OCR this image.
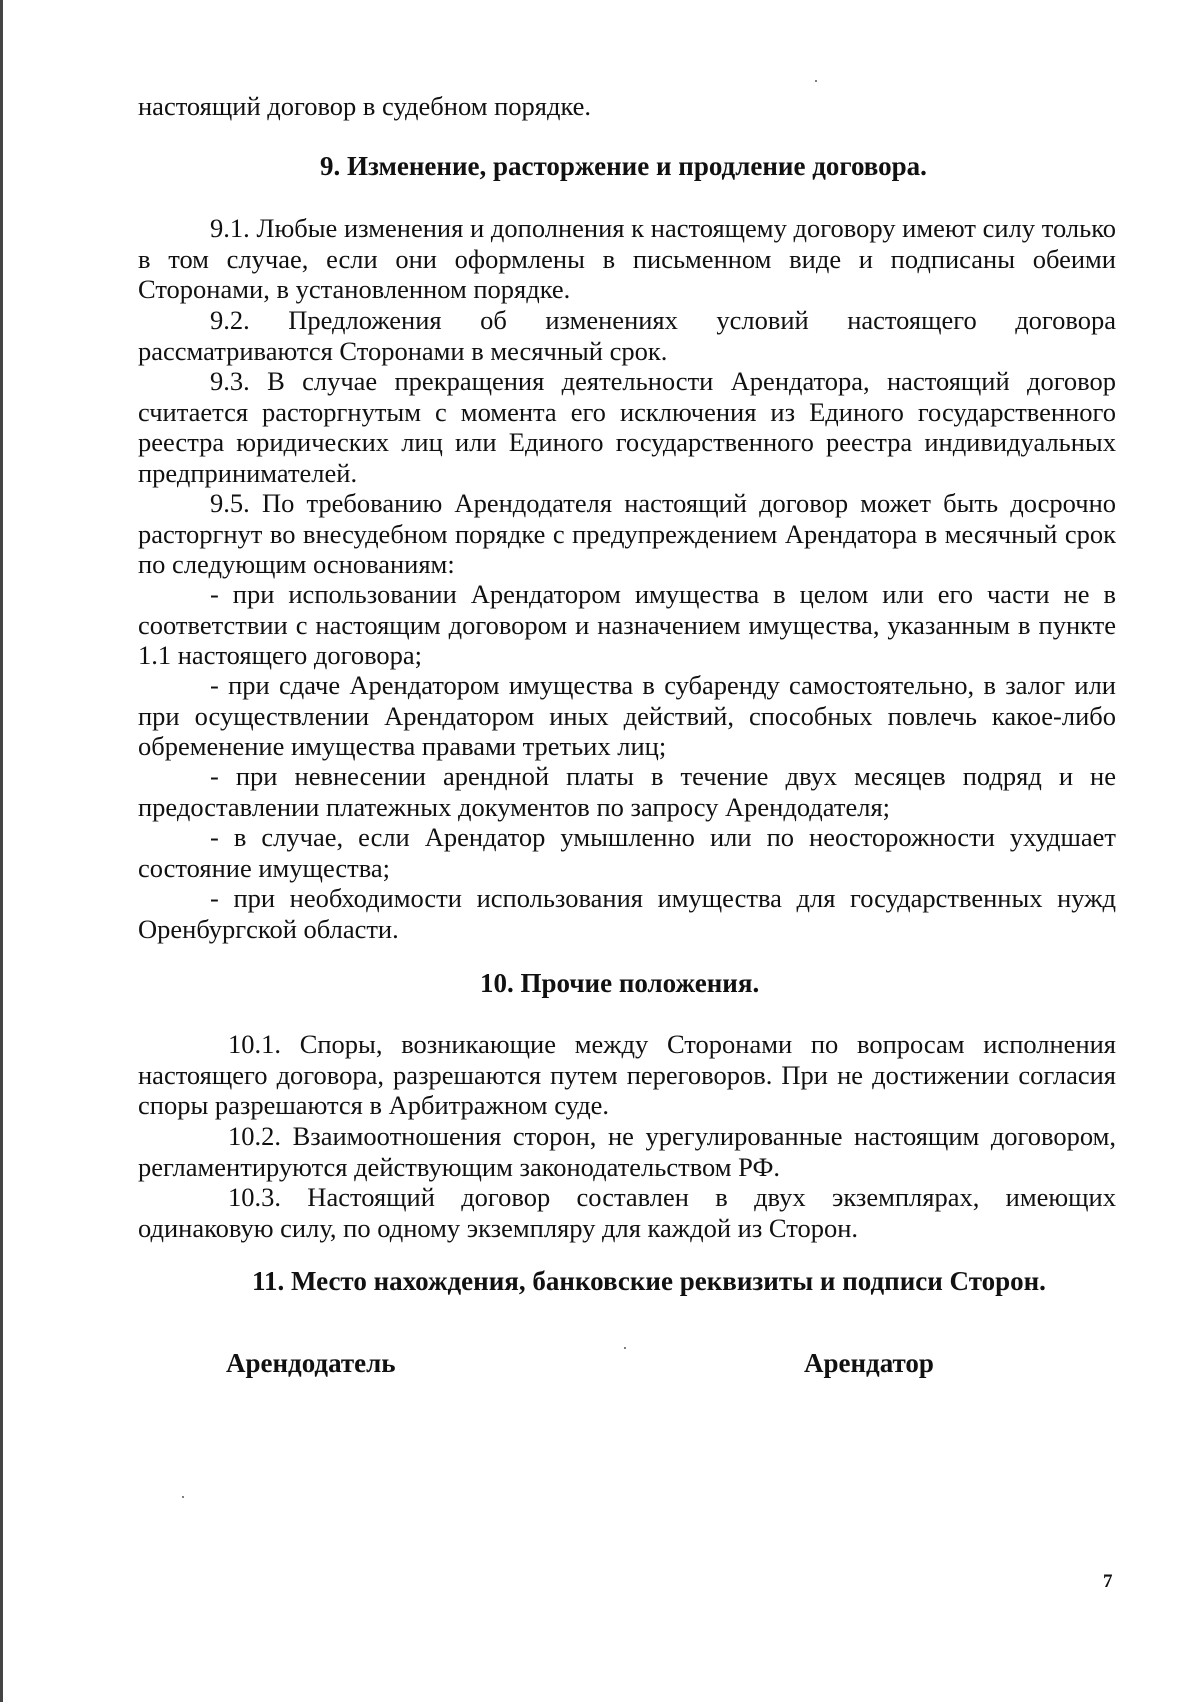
настоящий договор в судебном порядке.
9. Изменение, расторжение и продление договора.
9.1. Любые изменения и дополнения к настоящему договору имеют силу только в том случае, если они оформлены в письменном виде и подписаны обеими Сторонами, в установленном порядке.
9.2. Предложения об изменениях условий настоящего договора рассматриваются Сторонами в месячный срок.
9.3. В случае прекращения деятельности Арендатора, настоящий договор считается расторгнутым с момента его исключения из Единого государственного реестра юридических лиц или Единого государственного реестра индивидуальных предпринимателей.
9.5. По требованию Арендодателя настоящий договор может быть досрочно расторгнут во внесудебном порядке с предупреждением Арендатора в месячный срок по следующим основаниям:
- при использовании Арендатором имущества в целом или его части не в соответствии с настоящим договором и назначением имущества, указанным в пункте 1.1 настоящего договора;
- при сдаче Арендатором имущества в субаренду самостоятельно, в залог или при осуществлении Арендатором иных действий, способных повлечь какое-либо обременение имущества правами третьих лиц;
- при невнесении арендной платы в течение двух месяцев подряд и не предоставлении платежных документов по запросу Арендодателя;
- в случае, если Арендатор умышленно или по неосторожности ухудшает состояние имущества;
- при необходимости использования имущества для государственных нужд Оренбургской области.
10. Прочие положения.
10.1. Споры, возникающие между Сторонами по вопросам исполнения настоящего договора, разрешаются путем переговоров. При не достижении согласия споры разрешаются в Арбитражном суде.
10.2. Взаимоотношения сторон, не урегулированные настоящим договором, регламентируются действующим законодательством РФ.
10.3. Настоящий договор составлен в двух экземплярах, имеющих одинаковую силу, по одному экземпляру для каждой из Сторон.
11. Место нахождения, банковские реквизиты и подписи Сторон.
Арендодатель	Арендатор
7
